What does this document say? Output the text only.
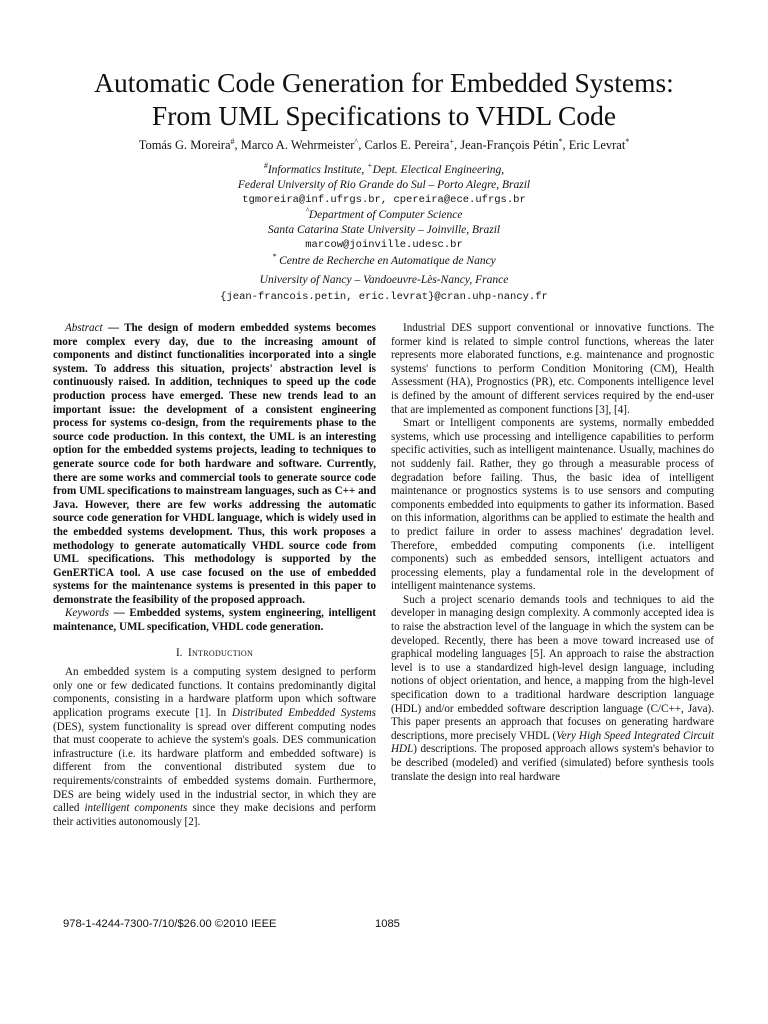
Automatic Code Generation for Embedded Systems:
From UML Specifications to VHDL Code
Tomás G. Moreira#, Marco A. Wehrmeister^, Carlos E. Pereira+, Jean-François Pétin*, Eric Levrat*
#Informatics Institute, +Dept. Electical Engineering,
Federal University of Rio Grande do Sul – Porto Alegre, Brazil
tgmoreira@inf.ufrgs.br, cpereira@ece.ufrgs.br
^Department of Computer Science
Santa Catarina State University – Joinville, Brazil
marcow@joinville.udesc.br
* Centre de Recherche en Automatique de Nancy
University of Nancy – Vandoeuvre-Lès-Nancy, France
{jean-francois.petin, eric.levrat}@cran.uhp-nancy.fr

Abstract — The design of modern embedded systems becomes more complex every day, due to the increasing amount of components and distinct functionalities incorporated into a single system. To address this situation, projects' abstraction level is continuously raised. In addition, techniques to speed up the code production process have emerged. These new trends lead to an important issue: the development of a consistent engineering process for systems co-design, from the requirements phase to the source code production. In this context, the UML is an interesting option for the embedded systems projects, leading to techniques to generate source code for both hardware and software. Currently, there are some works and commercial tools to generate source code from UML specifications to mainstream languages, such as C++ and Java. However, there are few works addressing the automatic source code generation for VHDL language, which is widely used in the embedded systems development. Thus, this work proposes a methodology to generate automatically VHDL source code from UML specifications. This methodology is supported by the GenERTiCA tool. A use case focused on the use of embedded systems for the maintenance systems is presented in this paper to demonstrate the feasibility of the proposed approach.

Keywords — Embedded systems, system engineering, intelligent maintenance, UML specification, VHDL code generation.

I. Introduction

An embedded system is a computing system designed to perform only one or few dedicated functions. It contains predominantly digital components, consisting in a hardware platform upon which software application programs execute [1]. In Distributed Embedded Systems (DES), system functionality is spread over different computing nodes that must cooperate to achieve the system's goals. DES communication infrastructure (i.e. its hardware platform and embedded software) is different from the conventional distributed system due to requirements/constraints of embedded systems domain. Furthermore, DES are being widely used in the industrial sector, in which they are called intelligent components since they make decisions and perform their activities autonomously [2].

Industrial DES support conventional or innovative functions. The former kind is related to simple control functions, whereas the later represents more elaborated functions, e.g. maintenance and prognostic systems' functions to perform Condition Monitoring (CM), Health Assessment (HA), Prognostics (PR), etc. Components intelligence level is defined by the amount of different services required by the end-user that are implemented as component functions [3], [4].

Smart or Intelligent components are systems, normally embedded systems, which use processing and intelligence capabilities to perform specific activities, such as intelligent maintenance. Usually, machines do not suddenly fail. Rather, they go through a measurable process of degradation before failing. Thus, the basic idea of intelligent maintenance or prognostics systems is to use sensors and computing components embedded into equipments to gather its information. Based on this information, algorithms can be applied to estimate the health and to predict failure in order to assess machines' degradation level. Therefore, embedded computing components (i.e. intelligent components) such as embedded sensors, intelligent actuators and processing elements, play a fundamental role in the development of intelligent maintenance systems.

Such a project scenario demands tools and techniques to aid the developer in managing design complexity. A commonly accepted idea is to raise the abstraction level of the language in which the system can be developed. Recently, there has been a move toward increased use of graphical modeling languages [5]. An approach to raise the abstraction level is to use a standardized high-level design language, including notions of object orientation, and hence, a mapping from the high-level specification down to a traditional hardware description language (HDL) and/or embedded software description language (C/C++, Java). This paper presents an approach that focuses on generating hardware descriptions, more precisely VHDL (Very High Speed Integrated Circuit HDL) descriptions. The proposed approach allows system's behavior to be described (modeled) and verified (simulated) before synthesis tools translate the design into real hardware

978-1-4244-7300-7/10/$26.00 ©2010 IEEE	1085
